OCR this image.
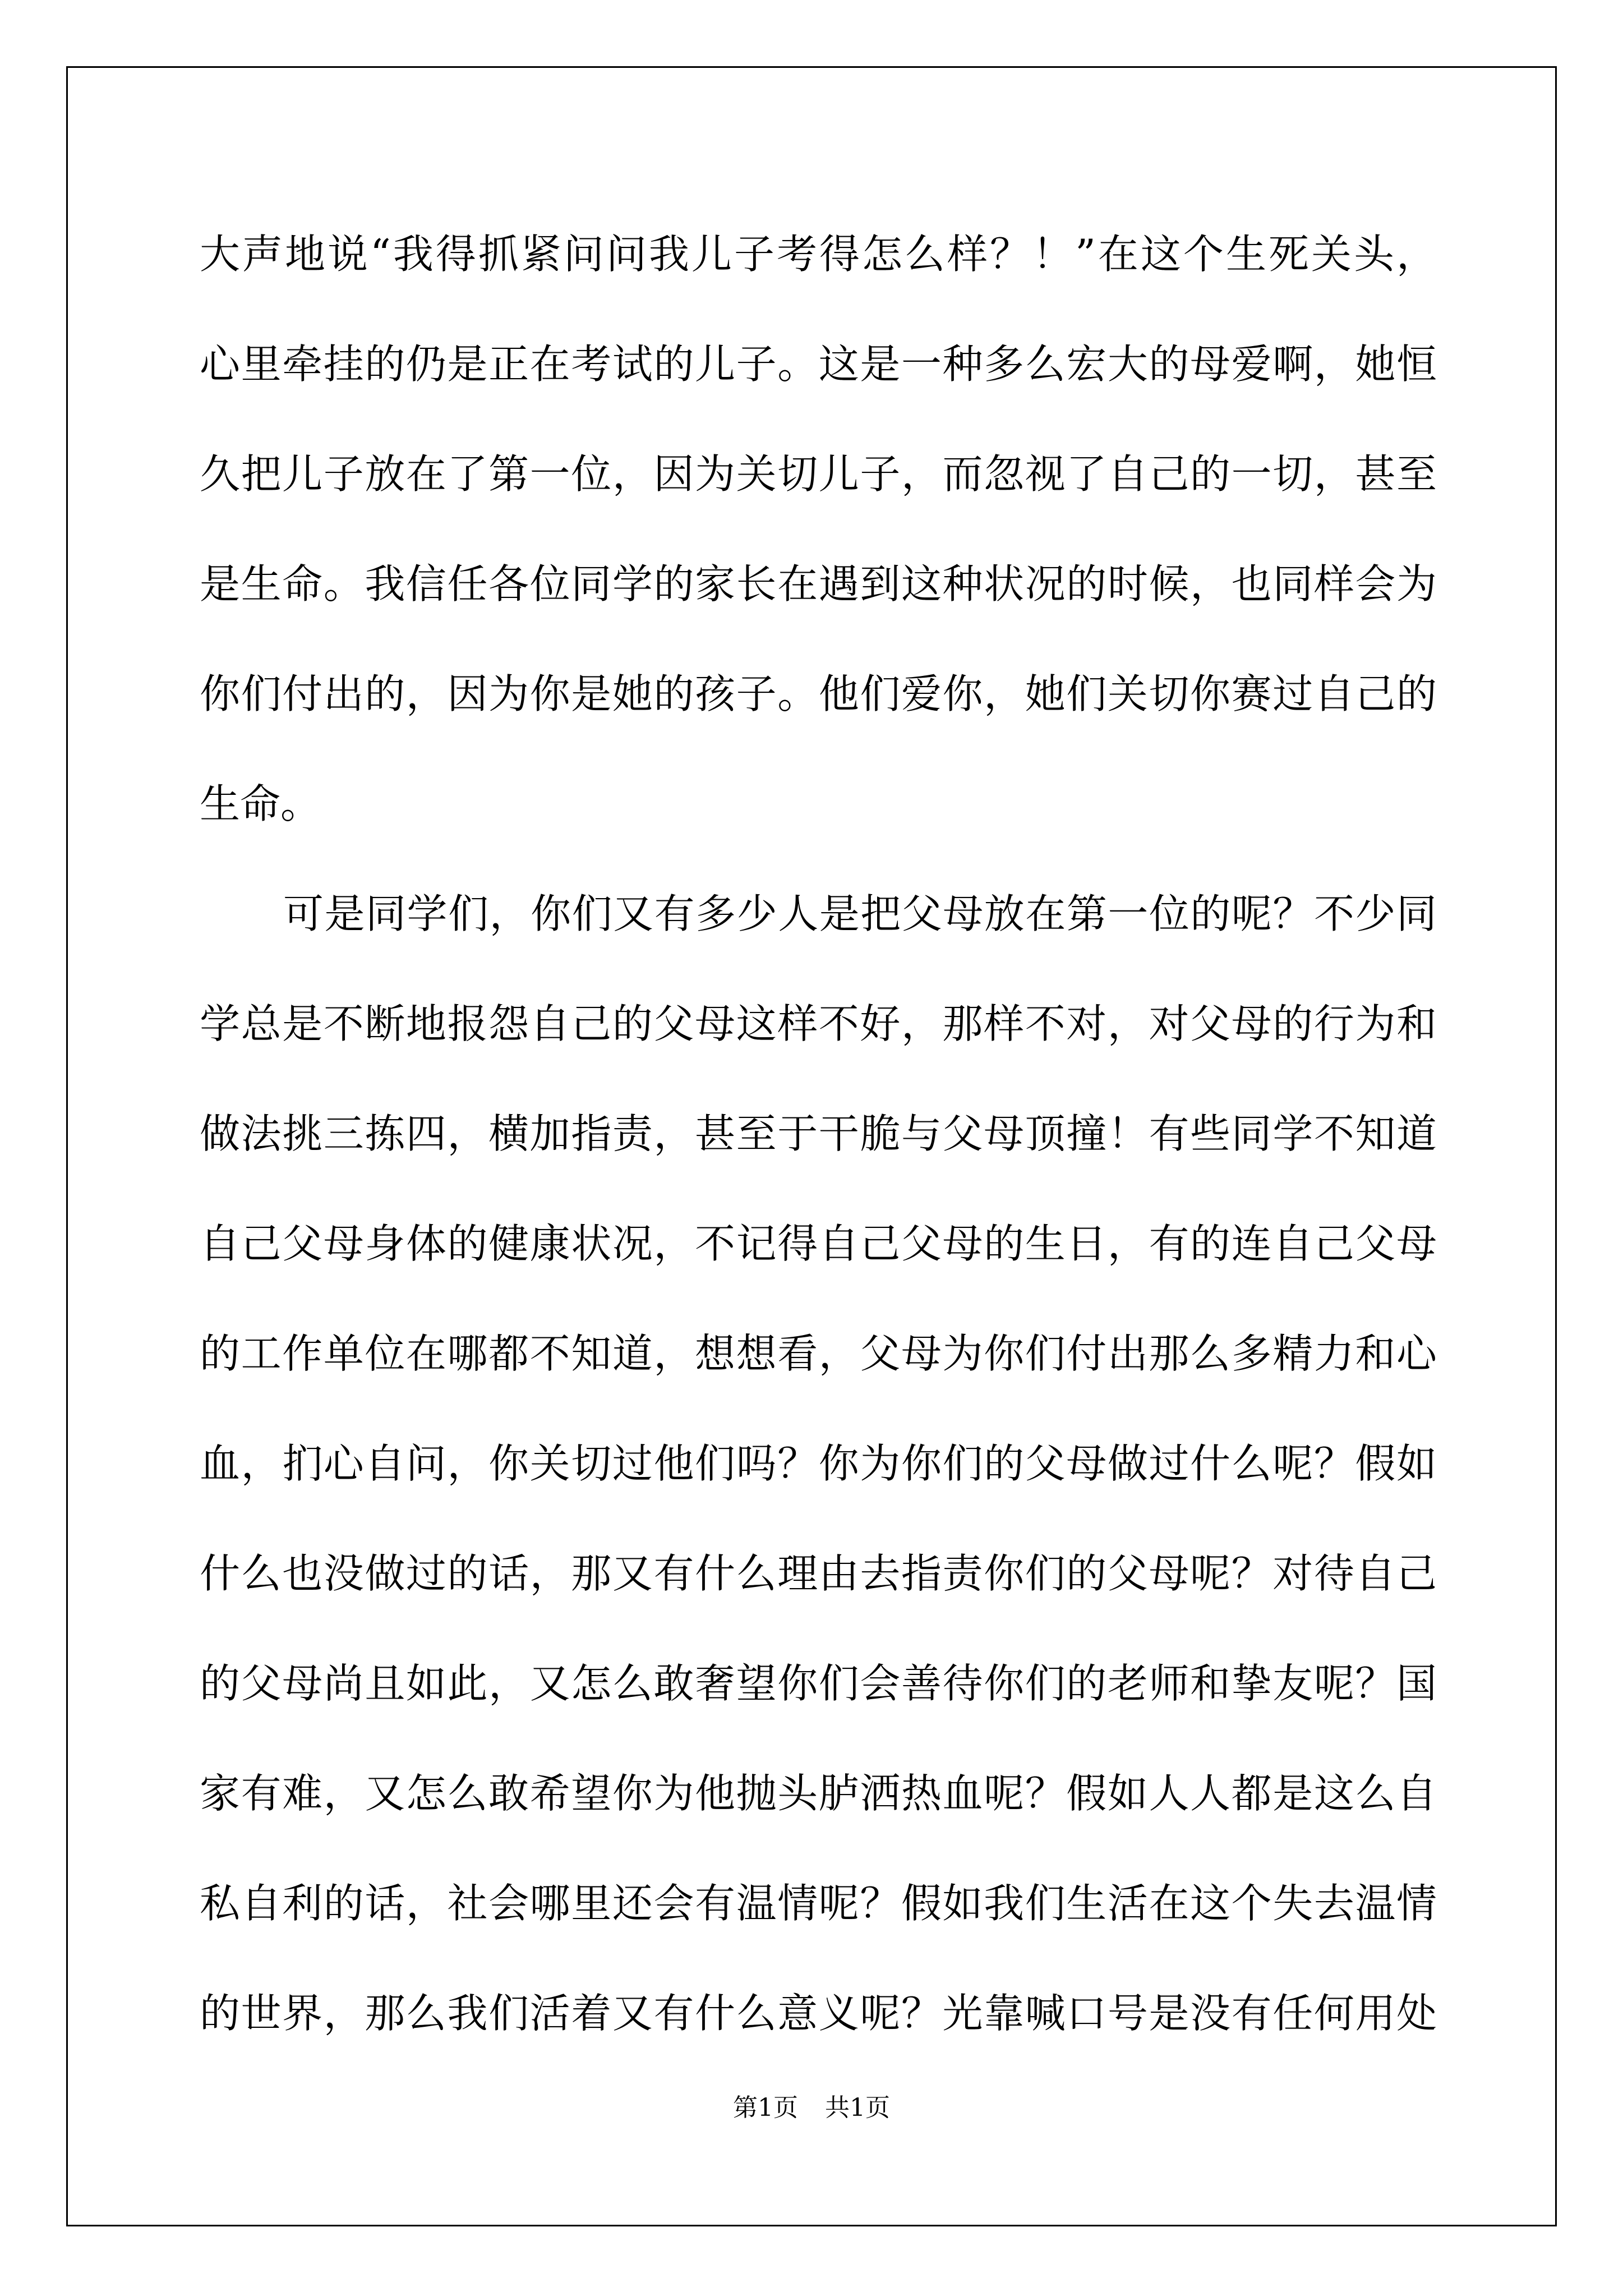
大声地说“我得抓紧问问我儿子考得怎么样？！”在这个生死关头，
心里牵挂的仍是正在考试的儿子。这是一种多么宏大的母爱啊，她恒
久把儿子放在了第一位，因为关切儿子，而忽视了自己的一切，甚至
是生命。我信任各位同学的家长在遇到这种状况的时候，也同样会为
你们付出的，因为你是她的孩子。他们爱你，她们关切你赛过自己的
生命。
可是同学们，你们又有多少人是把父母放在第一位的呢？不少同
学总是不断地报怨自己的父母这样不好，那样不对，对父母的行为和
做法挑三拣四，横加指责，甚至于干脆与父母顶撞！有些同学不知道
自己父母身体的健康状况，不记得自己父母的生日，有的连自己父母
的工作单位在哪都不知道，想想看，父母为你们付出那么多精力和心
血，扪心自问，你关切过他们吗？你为你们的父母做过什么呢？假如
什么也没做过的话，那又有什么理由去指责你们的父母呢？对待自己
的父母尚且如此，又怎么敢奢望你们会善待你们的老师和挚友呢？国
家有难，又怎么敢希望你为他抛头胪洒热血呢？假如人人都是这么自
私自利的话，社会哪里还会有温情呢？假如我们生活在这个失去温情
的世界，那么我们活着又有什么意义呢？光靠喊口号是没有任何用处
第1页 共1页
